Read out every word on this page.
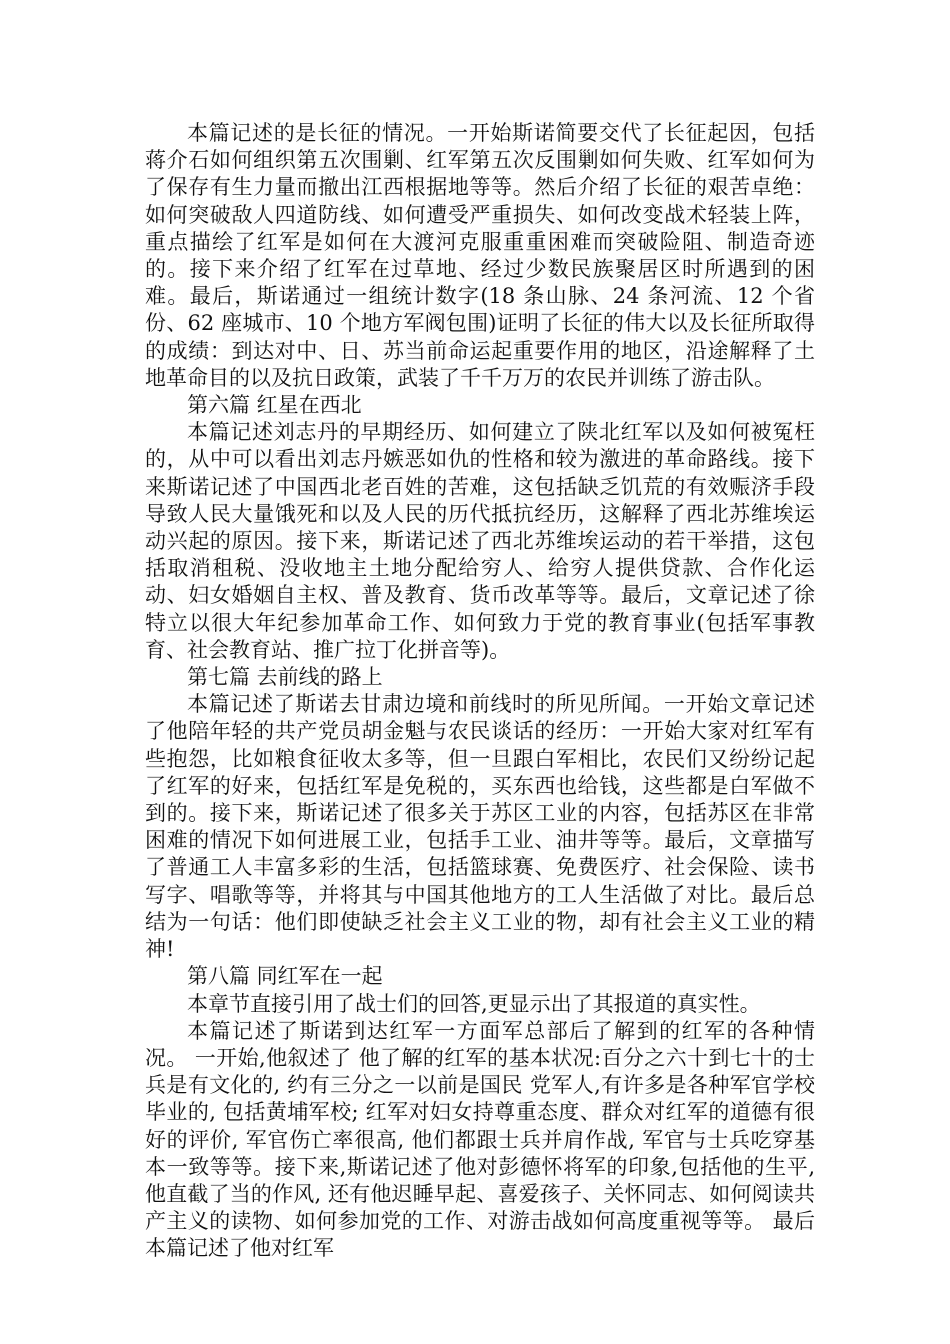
本篇记述的是长征的情况。一开始斯诺简要交代了长征起因，包括蒋介石如何组织第五次围剿、红军第五次反围剿如何失败、红军如何为了保存有生力量而撤出江西根据地等等。然后介绍了长征的艰苦卓绝：如何突破敌人四道防线、如何遭受严重损失、如何改变战术轻装上阵，重点描绘了红军是如何在大渡河克服重重困难而突破险阻、制造奇迹的。接下来介绍了红军在过草地、经过少数民族聚居区时所遇到的困难。最后，斯诺通过一组统计数字(18 条山脉、24 条河流、12 个省份、62 座城市、10 个地方军阀包围)证明了长征的伟大以及长征所取得的成绩：到达对中、日、苏当前命运起重要作用的地区，沿途解释了土地革命目的以及抗日政策，武装了千千万万的农民并训练了游击队。

第六篇 红星在西北

本篇记述刘志丹的早期经历、如何建立了陕北红军以及如何被冤枉的，从中可以看出刘志丹嫉恶如仇的性格和较为激进的革命路线。接下来斯诺记述了中国西北老百姓的苦难，这包括缺乏饥荒的有效赈济手段导致人民大量饿死和以及人民的历代抵抗经历，这解释了西北苏维埃运动兴起的原因。接下来，斯诺记述了西北苏维埃运动的若干举措，这包括取消租税、没收地主土地分配给穷人、给穷人提供贷款、合作化运动、妇女婚姻自主权、普及教育、货币改革等等。最后，文章记述了徐特立以很大年纪参加革命工作、如何致力于党的教育事业(包括军事教育、社会教育站、推广拉丁化拼音等)。

第七篇 去前线的路上

本篇记述了斯诺去甘肃边境和前线时的所见所闻。一开始文章记述了他陪年轻的共产党员胡金魁与农民谈话的经历：一开始大家对红军有些抱怨，比如粮食征收太多等，但一旦跟白军相比，农民们又纷纷记起了红军的好来，包括红军是免税的，买东西也给钱，这些都是白军做不到的。接下来，斯诺记述了很多关于苏区工业的内容，包括苏区在非常困难的情况下如何进展工业，包括手工业、油井等等。最后，文章描写了普通工人丰富多彩的生活，包括篮球赛、免费医疗、社会保险、读书写字、唱歌等等，并将其与中国其他地方的工人生活做了对比。最后总结为一句话：他们即使缺乏社会主义工业的物，却有社会主义工业的精神!

第八篇 同红军在一起

本章节直接引用了战士们的回答,更显示出了其报道的真实性。

本篇记述了斯诺到达红军一方面军总部后了解到的红军的各种情况。 一开始,他叙述了 他了解的红军的基本状况:百分之六十到七十的士兵是有文化的, 约有三分之一以前是国民 党军人,有许多是各种军官学校毕业的, 包括黄埔军校; 红军对妇女持尊重态度、群众对红军的道德有很好的评价, 军官伤亡率很高, 他们都跟士兵并肩作战, 军官与士兵吃穿基本一致等等。接下来,斯诺记述了他对彭德怀将军的印象,包括他的生平,他直截了当的作风, 还有他迟睡早起、喜爱孩子、关怀同志、如何阅读共产主义的读物、如何参加党的工作、对游击战如何高度重视等等。 最后本篇记述了他对红军
